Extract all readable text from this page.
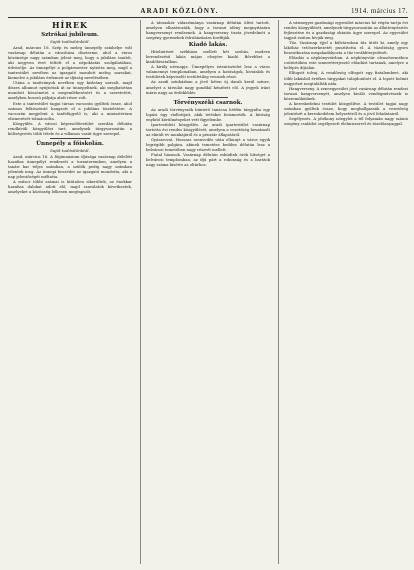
ARADI KÖZLÖNY.	1914. március 17.
HÍREK
Sztrókai jubileum.
Saját tudósítónktól.

Arad, március 16. Szép és meleg ünnepély színhelye volt vasárnap délután a városháza díszterme, ahol a város közönsége nagy számban jelent meg, hogy a jubiláns tanítót, aki negyven évet töltött el a népoktatás szolgálatában, üdvözölje. Az ünnepélyt a polgármester nyitotta meg, majd a tantestület nevében az igazgató mondott meleg szavakat, kiemelve a jubiláns érdemeit az ifjúság nevelésében.

Utána a tanítványok nevében egy kisleány szavalt, majd díszes albumot nyújtottak át az ünnepeltnek, aki meghatottan mondott köszönetet a megemlékezésért és a szeretetért, amelyben hosszú pályája alatt része volt.

Este a tantestület tagjai társas vacsorán gyűltek össze, ahol számos felköszöntő hangzott el a jubiláns tiszteletére. A vacsorán megjelent a tanfelügyelő is, aki a minisztérium elismerését tolmácsolta.

Közgyűlés. A városi képviselőtestület szerdán délután rendkívüli közgyűlést tart, amelynek tárgysorozatán a költségvetés több tétele és a villamos vasút ügye szerepel.

Ünnepély a főiskolán.
Saját tudósítónktól.

Arad, március 16. A főgimnázium ifjúsága vasárnap délelőtt hazafias ünnepélyt rendezett a tornateremben, amelyen a tanári kar teljes számban, a szülők pedig nagy számban jelentek meg. Az ünnepi beszédet az igazgató mondotta, aki a nap jelentőségét méltatta.

A műsor többi számai is kitűnően sikerültek; az énekkar hazafias dalokat adott elő, majd szavalatok következtek, amelyeket a közönség lelkesen megtapsolt.

A társaskör választmánya vasárnap délután ülést tartott, amelyen elhatározták, hogy a tavaszi idény megnyitására hangversenyt rendeznek. A hangverseny tiszta jövedelmét a szegény gyermekek felruházására fordítják.

Kiadó lakás.

Hitelintézet székháza mellett két szobás, modern berendezésű lakás május elsejére kiadó. Bővebbet a kiadóhivatalban.

A király névnapja. Ünnepélyes istentisztelet lesz a város valamennyi templomában, amelyen a hatóságok, hivatalok és testületek képviselői testületileg vesznek részt.

Az aradi színházban a jövő héten új darab kerül színre, amelyet a társulat nagy gonddal készített elő. A jegyek iránt máris nagy az érdeklődés.

Törvényszéki csarnok.

Az aradi törvényszék büntető tanácsa hétfőn tárgyalta egy lopási ügy vádlottjait, akik tettüket beismerték. A bíróság enyhítő körülményeket vett figyelembe.

Ipartestületi közgyűlés. Az aradi ipartestület vasárnap tartotta évi rendes közgyűlését, amelyen a vezetőség beszámolt az elmúlt év munkájáról és a pénztár állapotáról.

Gyászrovat. Hosszas szenvedés után elhunyt a város egyik legrégibb polgára, akinek temetése kedden délután lesz a belvárosi temetőben nagy részvét mellett.

Fiatal házasok. Vasárnap délután esküdtek örök hűséget a belvárosi templomban, az ifjú párt a rokonság és a barátok nagy száma kísérte az oltárhoz.

A vármegyei gazdasági egyesület március hó végén tartja évi rendes közgyűlését, amelynek tárgysorozatán az állattenyésztés fejlesztése és a gazdasági oktatás ügye szerepel. Az egyesület tagjait ezúton hívják meg.

Tűz. Vasárnap éjjel a külvárosban tűz ütött ki, amely egy lakóház tetőszerkezetét pusztította el. A tűzoltóság gyors beavatkozása megakadályozta a tűz továbbterjedését.

Előadás a népkönyvtárban. A népkönyvtár olvasótermében csütörtökön este ismeretterjesztő előadást tartanak, amelyre a belépés díjtalan.

Elfogott tolvaj. A rendőrség elfogott egy fiatalembert, aki több lakásból értékes tárgyakat tulajdonított el. A lopott holmit nagyrészt megtalálták nála.

Hangverseny. A zeneegyesület jövő vasárnap délután rendezi tavaszi hangversenyét, amelyen kiváló vendégművészek is közreműködnek.

A kereskedelmi testület közgyűlése. A testület tagjai nagy számban gyűltek össze, hogy meghallgassák a vezetőség jelentését a kereskedelem helyzetéről és a jövő feladatairól.

Segélyezés. A jótékony nőegylet a tél folyamán nagy számú szegény családot segélyezett élelmiszerrel és tüzelőanyaggal.
